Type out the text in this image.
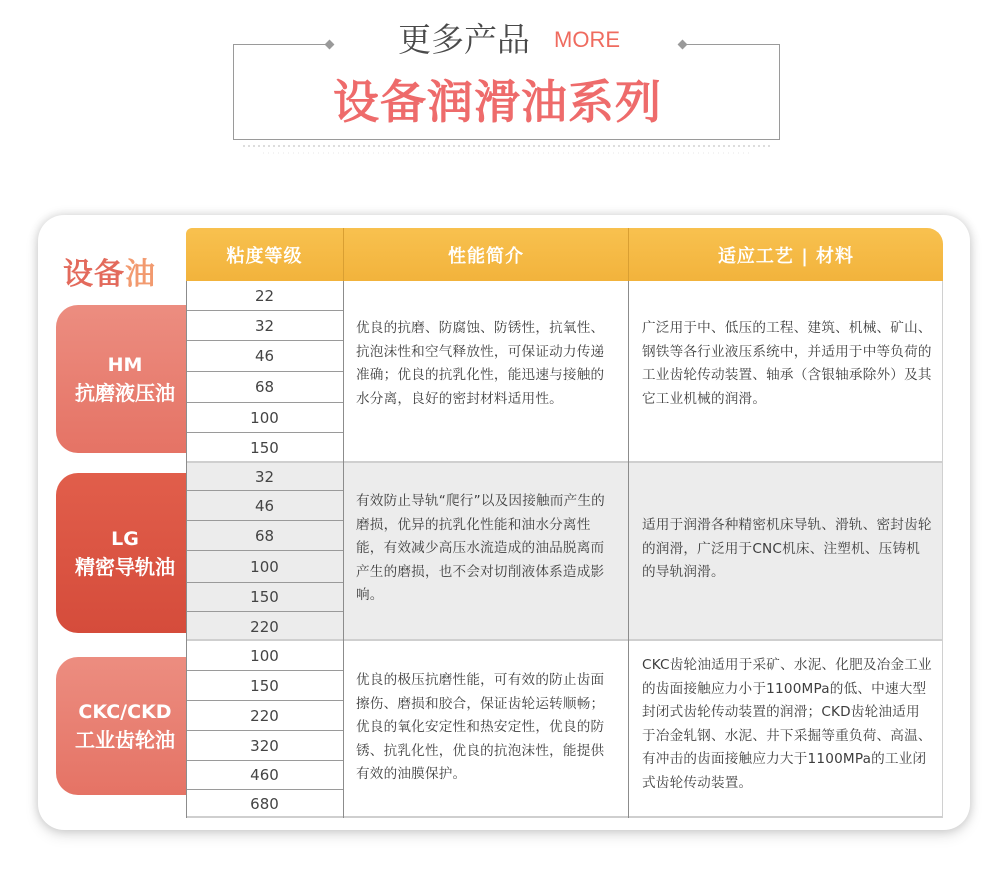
更多产品 MORE
设备润滑油系列
设备油
HM
抗磨液压油
LG
精密导轨油
CKC/CKD
工业齿轮油
粘度等级	性能简介	适应工艺 | 材料
22
32
46
68
100
150
优良的抗磨、防腐蚀、防锈性，抗氧性、抗泡沫性和空气释放性，可保证动力传递准确；优良的抗乳化性，能迅速与接触的水分离，良好的密封材料适用性。
广泛用于中、低压的工程、建筑、机械、矿山、钢铁等各行业液压系统中，并适用于中等负荷的工业齿轮传动装置、轴承（含银轴承除外）及其它工业机械的润滑。
32
46
68
100
150
220
有效防止导轨“爬行”以及因接触而产生的磨损，优异的抗乳化性能和油水分离性能，有效减少高压水流造成的油品脱离而产生的磨损，也不会对切削液体系造成影响。
适用于润滑各种精密机床导轨、滑轨、密封齿轮的润滑，广泛用于CNC机床、注塑机、压铸机的导轨润滑。
100
150
220
320
460
680
优良的极压抗磨性能，可有效的防止齿面擦伤、磨损和胶合，保证齿轮运转顺畅；优良的氧化安定性和热安定性，优良的防锈、抗乳化性，优良的抗泡沫性，能提供有效的油膜保护。
CKC齿轮油适用于采矿、水泥、化肥及冶金工业的齿面接触应力小于1100MPa的低、中速大型封闭式齿轮传动装置的润滑；CKD齿轮油适用于冶金轧钢、水泥、井下采掘等重负荷、高温、有冲击的齿面接触应力大于1100MPa的工业闭式齿轮传动装置。
